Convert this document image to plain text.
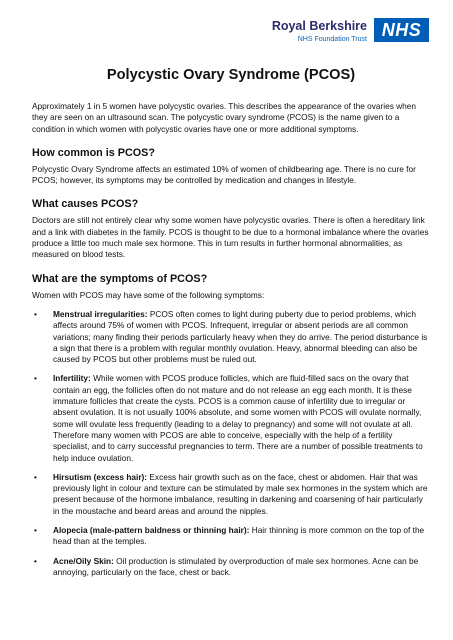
Royal Berkshire
NHS Foundation Trust NHS
Polycystic Ovary Syndrome (PCOS)

Approximately 1 in 5 women have polycystic ovaries. This describes the appearance of the ovaries when they are seen on an ultrasound scan. The polycystic ovary syndrome (PCOS) is the name given to a condition in which women with polycystic ovaries have one or more additional symptoms.

How common is PCOS?

Polycystic Ovary Syndrome affects an estimated 10% of women of childbearing age. There is no cure for PCOS; however, its symptoms may be controlled by medication and changes in lifestyle.

What causes PCOS?

Doctors are still not entirely clear why some women have polycystic ovaries. There is often a hereditary link and a link with diabetes in the family. PCOS is thought to be due to a hormonal imbalance where the ovaries produce a little too much male sex hormone. This in turn results in further hormonal abnormalities, as measured on blood tests.

What are the symptoms of PCOS?

Women with PCOS may have some of the following symptoms:

• Menstrual irregularities: PCOS often comes to light during puberty due to period problems, which affects around 75% of women with PCOS. Infrequent, irregular or absent periods are all common variations; many finding their periods particularly heavy when they do arrive. The period disturbance is a sign that there is a problem with regular monthly ovulation. Heavy, abnormal bleeding can also be caused by PCOS but other problems must be ruled out.
• Infertility: While women with PCOS produce follicles, which are fluid-filled sacs on the ovary that contain an egg, the follicles often do not mature and do not release an egg each month. It is these immature follicles that create the cysts. PCOS is a common cause of infertility due to irregular or absent ovulation. It is not usually 100% absolute, and some women with PCOS will ovulate normally, some will ovulate less frequently (leading to a delay to pregnancy) and some will not ovulate at all. Therefore many women with PCOS are able to conceive, especially with the help of a fertility specialist, and to carry successful pregnancies to term. There are a number of possible treatments to help induce ovulation.
• Hirsutism (excess hair): Excess hair growth such as on the face, chest or abdomen. Hair that was previously light in colour and texture can be stimulated by male sex hormones in the system which are present because of the hormone imbalance, resulting in darkening and coarsening of hair particularly in the moustache and beard areas and around the nipples.
• Alopecia (male-pattern baldness or thinning hair): Hair thinning is more common on the top of the head than at the temples.
• Acne/Oily Skin: Oil production is stimulated by overproduction of male sex hormones. Acne can be annoying, particularly on the face, chest or back.
